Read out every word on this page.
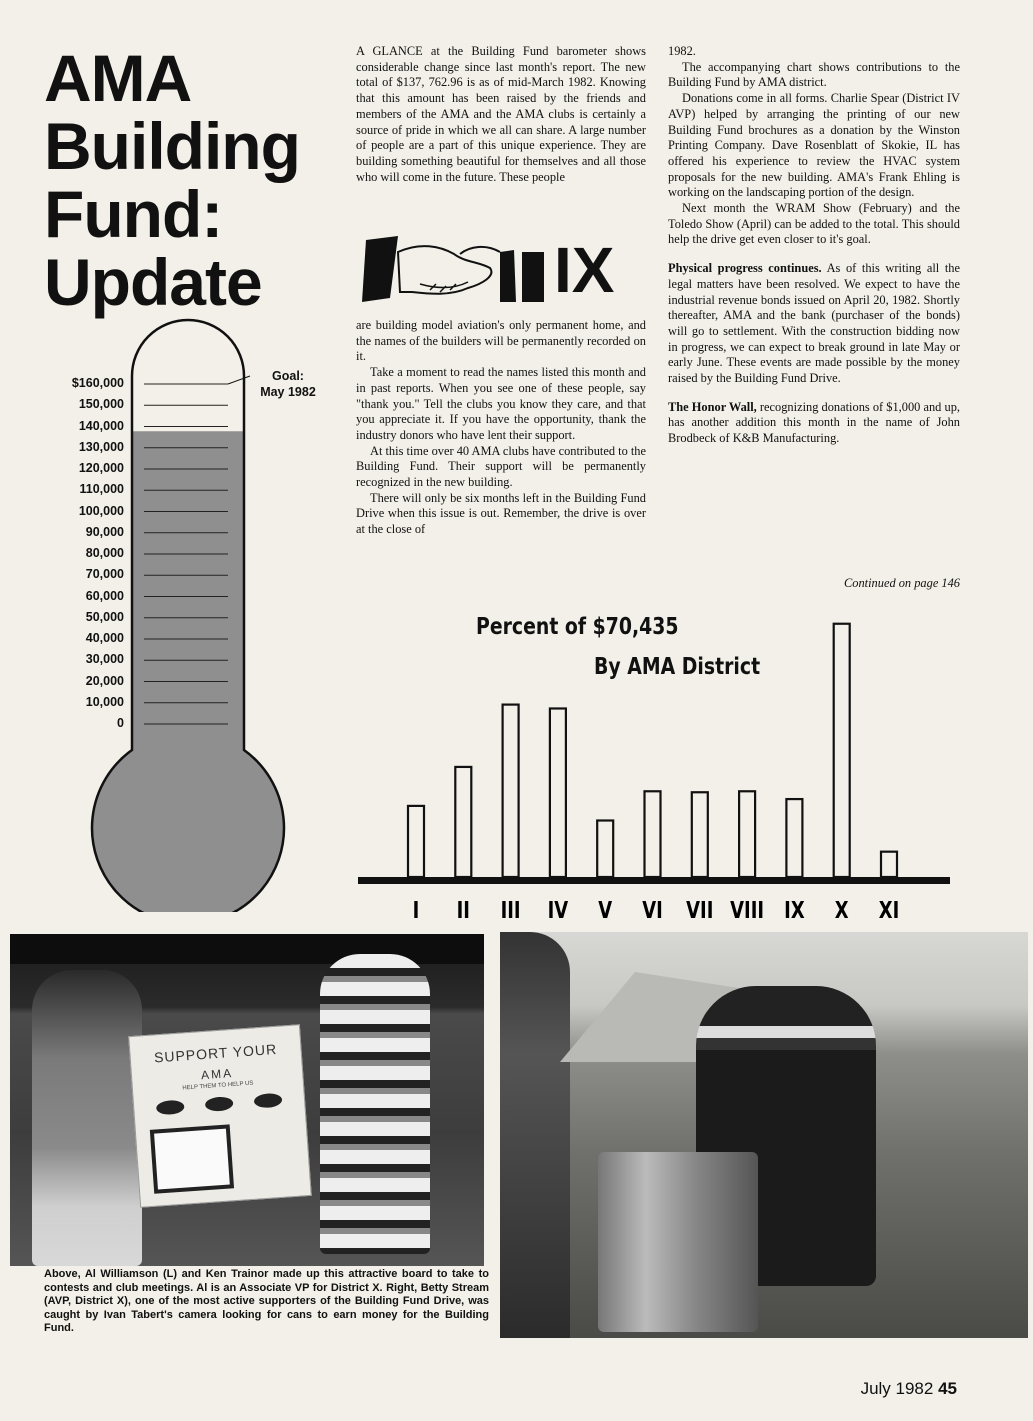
AMA
Building
Fund:
Update

A GLANCE at the Building Fund barometer shows considerable change since last month's report. The new total of $137, 762.96 is as of mid-March 1982. Knowing that this amount has been raised by the friends and members of the AMA and the AMA clubs is certainly a source of pride in which we all can share. A large number of people are a part of this unique experience. They are building something beautiful for themselves and all those who will come in the future. These people

IX

are building model aviation's only permanent home, and the names of the builders will be permanently recorded on it.

Take a moment to read the names listed this month and in past reports. When you see one of these people, say "thank you." Tell the clubs you know they care, and that you appreciate it. If you have the opportunity, thank the industry donors who have lent their support.

At this time over 40 AMA clubs have contributed to the Building Fund. Their support will be permanently recognized in the new building.

There will only be six months left in the Building Fund Drive when this issue is out. Remember, the drive is over at the close of

1982.

The accompanying chart shows contributions to the Building Fund by AMA district.

Donations come in all forms. Charlie Spear (District IV AVP) helped by arranging the printing of our new Building Fund brochures as a donation by the Winston Printing Company. Dave Rosenblatt of Skokie, IL has offered his experience to review the HVAC system proposals for the new building. AMA's Frank Ehling is working on the landscaping portion of the design.

Next month the WRAM Show (February) and the Toledo Show (April) can be added to the total. This should help the drive get even closer to it's goal.

Physical progress continues. As of this writing all the legal matters have been resolved. We expect to have the industrial revenue bonds issued on April 20, 1982. Shortly thereafter, AMA and the bank (purchaser of the bonds) will go to settlement. With the construction bidding now in progress, we can expect to break ground in late May or early June. These events are made possible by the money raised by the Building Fund Drive.

The Honor Wall, recognizing donations of $1,000 and up, has another addition this month in the name of John Brodbeck of K&B Manufacturing.

Continued on page 146
$160,000
150,000
140,000
130,000
120,000
110,000
100,000
90,000
80,000
70,000
60,000
50,000
40,000
30,000
20,000
10,000
0
Goal:
May 1982
Percent of $70,435
By AMA District
I II III IV V VI VII VIII IX X XI
SUPPORT YOUR
AMA
HELP THEM TO HELP US
Above, Al Williamson (L) and Ken Trainor made up this attractive board to take to contests and club meetings. Al is an Associate VP for District X. Right, Betty Stream (AVP, District X), one of the most active supporters of the Building Fund Drive, was caught by Ivan Tabert's camera looking for cans to earn money for the Building Fund.
July 1982 45
